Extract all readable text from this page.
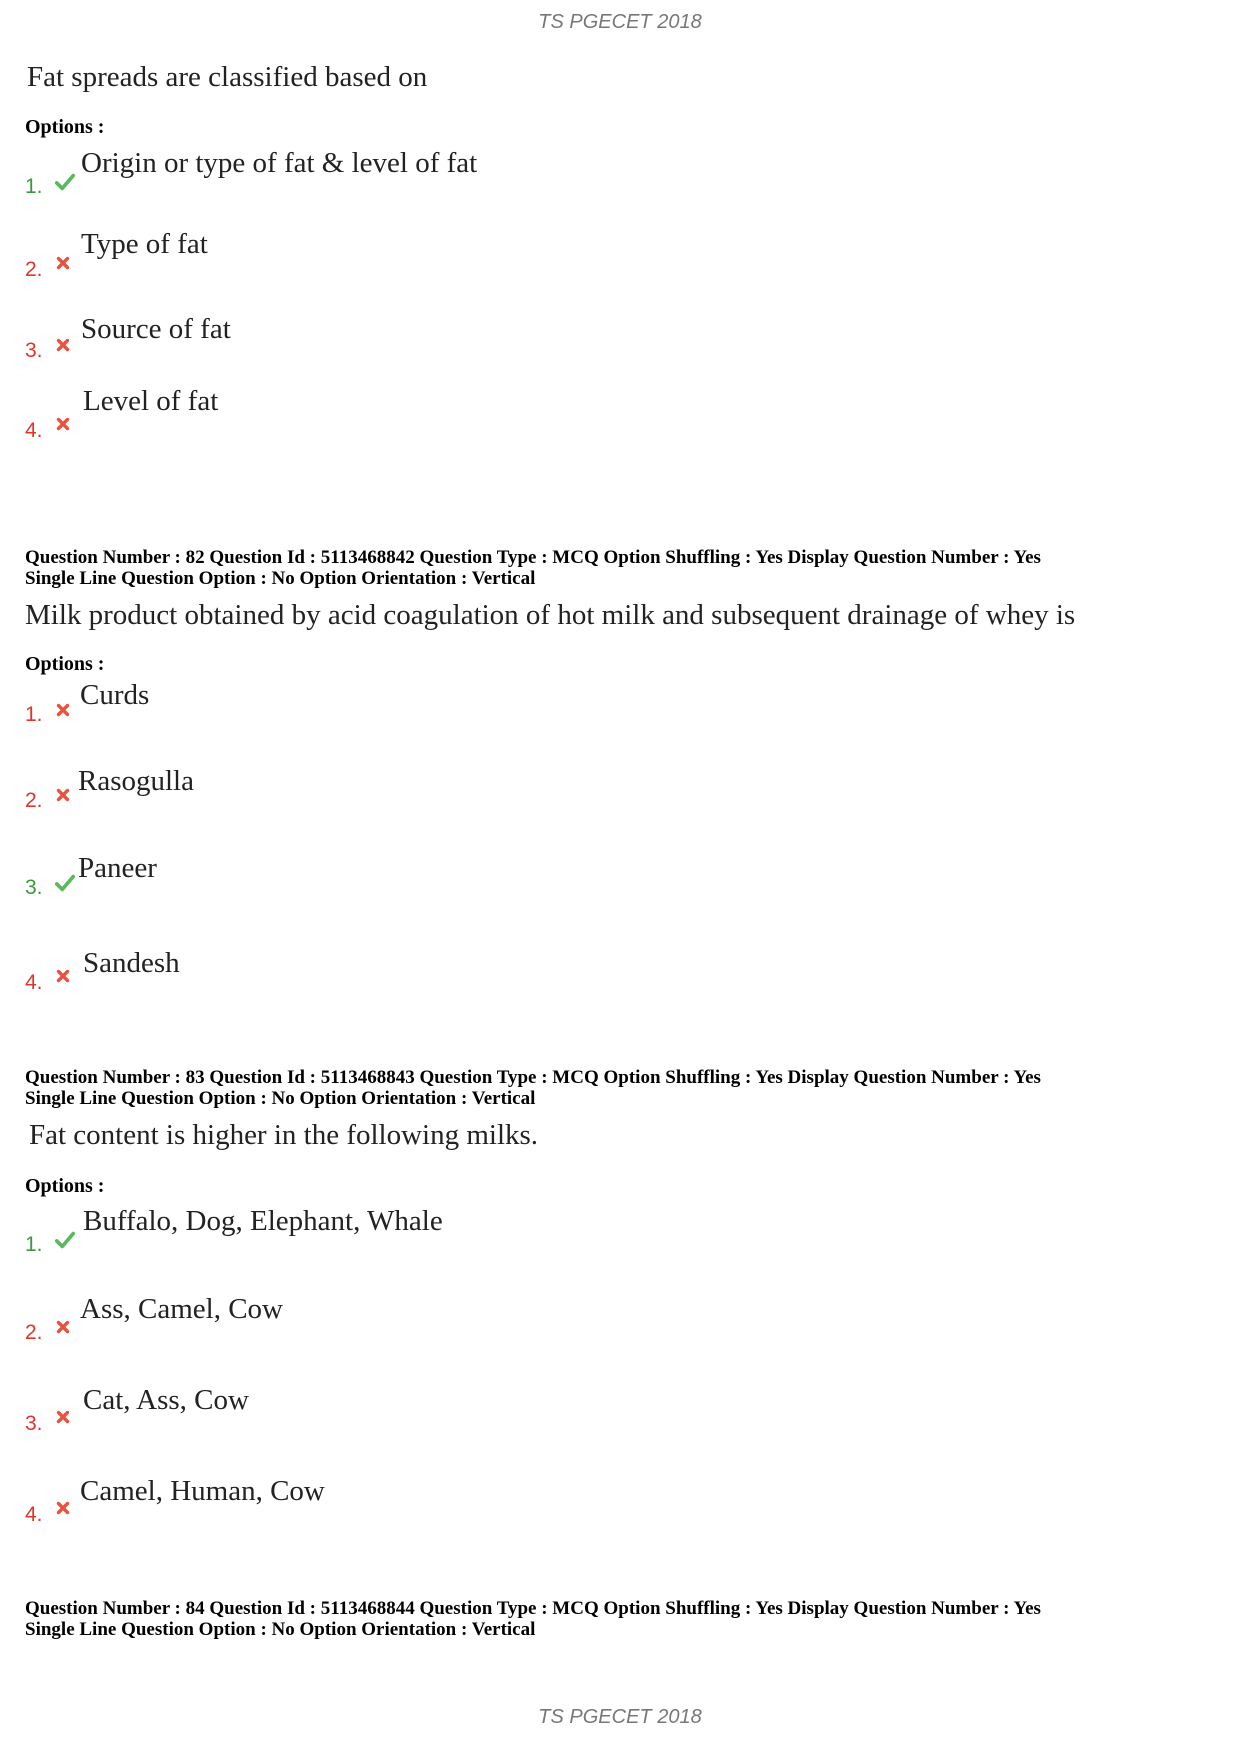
TS PGECET 2018
Fat spreads are classified based on
Options :
1.
Origin or type of fat & level of fat
2.
Type of fat
3.
Source of fat
4.
Level of fat
Question Number : 82 Question Id : 5113468842 Question Type : MCQ Option Shuffling : Yes Display Question Number : Yes
Single Line Question Option : No Option Orientation : Vertical
Milk product obtained by acid coagulation of hot milk and subsequent drainage of whey is
Options :
1.
Curds
2.
Rasogulla
3.
Paneer
4.
Sandesh
Question Number : 83 Question Id : 5113468843 Question Type : MCQ Option Shuffling : Yes Display Question Number : Yes
Single Line Question Option : No Option Orientation : Vertical
Fat content is higher in the following milks.
Options :
1.
Buffalo, Dog, Elephant, Whale
2.
Ass, Camel, Cow
3.
Cat, Ass, Cow
4.
Camel, Human, Cow
Question Number : 84 Question Id : 5113468844 Question Type : MCQ Option Shuffling : Yes Display Question Number : Yes
Single Line Question Option : No Option Orientation : Vertical
TS PGECET 2018
